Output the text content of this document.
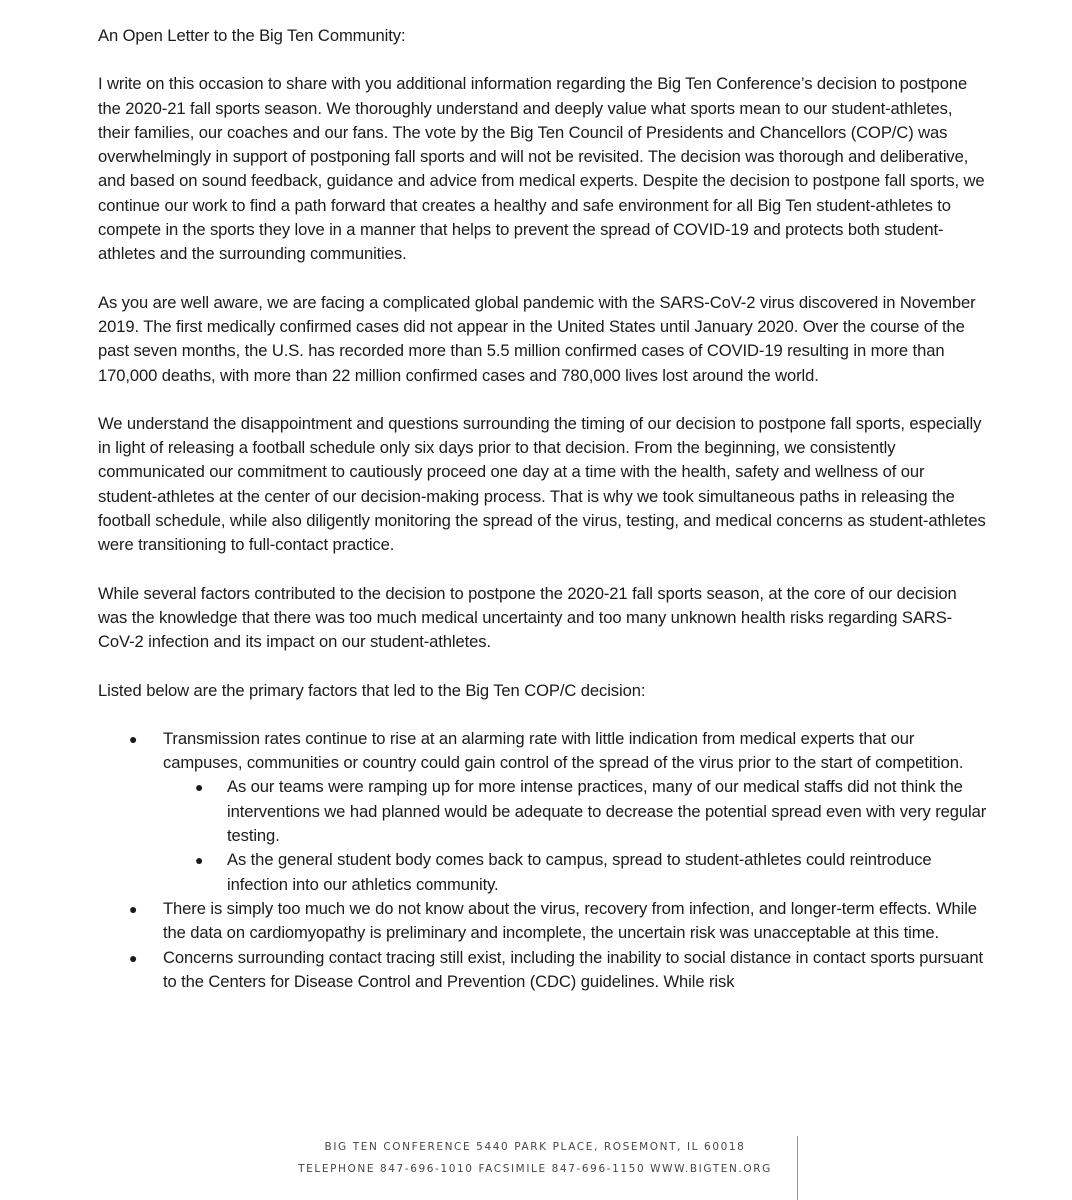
An Open Letter to the Big Ten Community:
I write on this occasion to share with you additional information regarding the Big Ten Conference’s decision to postpone the 2020-21 fall sports season. We thoroughly understand and deeply value what sports mean to our student-athletes, their families, our coaches and our fans. The vote by the Big Ten Council of Presidents and Chancellors (COP/C) was overwhelmingly in support of postponing fall sports and will not be revisited. The decision was thorough and deliberative, and based on sound feedback, guidance and advice from medical experts. Despite the decision to postpone fall sports, we continue our work to find a path forward that creates a healthy and safe environment for all Big Ten student-athletes to compete in the sports they love in a manner that helps to prevent the spread of COVID-19 and protects both student-athletes and the surrounding communities.
As you are well aware, we are facing a complicated global pandemic with the SARS-CoV-2 virus discovered in November 2019. The first medically confirmed cases did not appear in the United States until January 2020. Over the course of the past seven months, the U.S. has recorded more than 5.5 million confirmed cases of COVID-19 resulting in more than 170,000 deaths, with more than 22 million confirmed cases and 780,000 lives lost around the world.
We understand the disappointment and questions surrounding the timing of our decision to postpone fall sports, especially in light of releasing a football schedule only six days prior to that decision. From the beginning, we consistently communicated our commitment to cautiously proceed one day at a time with the health, safety and wellness of our student-athletes at the center of our decision-making process. That is why we took simultaneous paths in releasing the football schedule, while also diligently monitoring the spread of the virus, testing, and medical concerns as student-athletes were transitioning to full-contact practice.
While several factors contributed to the decision to postpone the 2020-21 fall sports season, at the core of our decision was the knowledge that there was too much medical uncertainty and too many unknown health risks regarding SARS-CoV-2 infection and its impact on our student-athletes.
Listed below are the primary factors that led to the Big Ten COP/C decision:
● Transmission rates continue to rise at an alarming rate with little indication from medical experts that our campuses, communities or country could gain control of the spread of the virus prior to the start of competition.
● As our teams were ramping up for more intense practices, many of our medical staffs did not think the interventions we had planned would be adequate to decrease the potential spread even with very regular testing.
● As the general student body comes back to campus, spread to student-athletes could reintroduce infection into our athletics community.
● There is simply too much we do not know about the virus, recovery from infection, and longer-term effects. While the data on cardiomyopathy is preliminary and incomplete, the uncertain risk was unacceptable at this time.
● Concerns surrounding contact tracing still exist, including the inability to social distance in contact sports pursuant to the Centers for Disease Control and Prevention (CDC) guidelines. While risk
BIG TEN CONFERENCE 5440 PARK PLACE, ROSEMONT, IL 60018
TELEPHONE 847-696-1010 FACSIMILE 847-696-1150 WWW.BIGTEN.ORG
